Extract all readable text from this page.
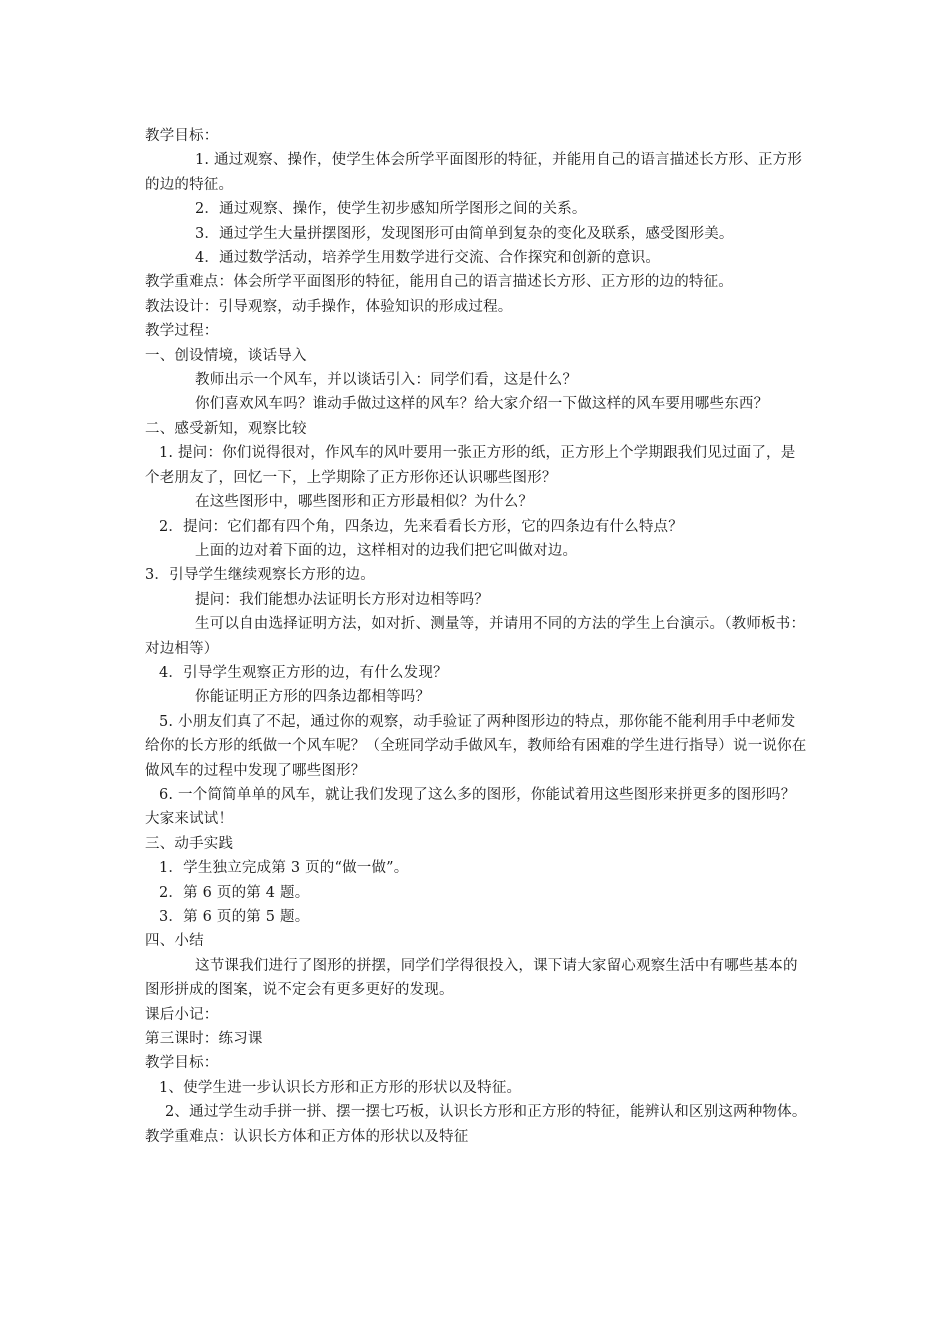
教学目标：

1. 通过观察、操作，使学生体会所学平面图形的特征，并能用自己的语言描述长方形、正方形的边的特征。

2．通过观察、操作，使学生初步感知所学图形之间的关系。

3．通过学生大量拼摆图形，发现图形可由简单到复杂的变化及联系，感受图形美。

4．通过数学活动，培养学生用数学进行交流、合作探究和创新的意识。

教学重难点：体会所学平面图形的特征，能用自己的语言描述长方形、正方形的边的特征。

教法设计：引导观察，动手操作，体验知识的形成过程。

教学过程：

一、创设情境，谈话导入

教师出示一个风车，并以谈话引入：同学们看，这是什么？

你们喜欢风车吗？谁动手做过这样的风车？给大家介绍一下做这样的风车要用哪些东西？

二、感受新知，观察比较

1. 提问：你们说得很对，作风车的风叶要用一张正方形的纸，正方形上个学期跟我们见过面了，是个老朋友了，回忆一下，上学期除了正方形你还认识哪些图形？

在这些图形中，哪些图形和正方形最相似？为什么？

2．提问：它们都有四个角，四条边，先来看看长方形，它的四条边有什么特点？

上面的边对着下面的边，这样相对的边我们把它叫做对边。

3．引导学生继续观察长方形的边。

提问：我们能想办法证明长方形对边相等吗？

生可以自由选择证明方法，如对折、测量等，并请用不同的方法的学生上台演示。（教师板书：对边相等）

4．引导学生观察正方形的边，有什么发现？

你能证明正方形的四条边都相等吗？

5. 小朋友们真了不起，通过你的观察，动手验证了两种图形边的特点，那你能不能利用手中老师发给你的长方形的纸做一个风车呢？（全班同学动手做风车，教师给有困难的学生进行指导）说一说你在做风车的过程中发现了哪些图形？

6. 一个简简单单的风车，就让我们发现了这么多的图形，你能试着用这些图形来拼更多的图形吗？大家来试试！

三、动手实践

1．学生独立完成第 3 页的“做一做”。

2．第 6 页的第 4 题。

3．第 6 页的第 5 题。

四、小结

这节课我们进行了图形的拼摆，同学们学得很投入，课下请大家留心观察生活中有哪些基本的图形拼成的图案，说不定会有更多更好的发现。

课后小记：

第三课时：练习课

教学目标：

1、使学生进一步认识长方形和正方形的形状以及特征。

2、通过学生动手拼一拼、摆一摆七巧板，认识长方形和正方形的特征，能辨认和区别这两种物体。

教学重难点：认识长方体和正方体的形状以及特征
